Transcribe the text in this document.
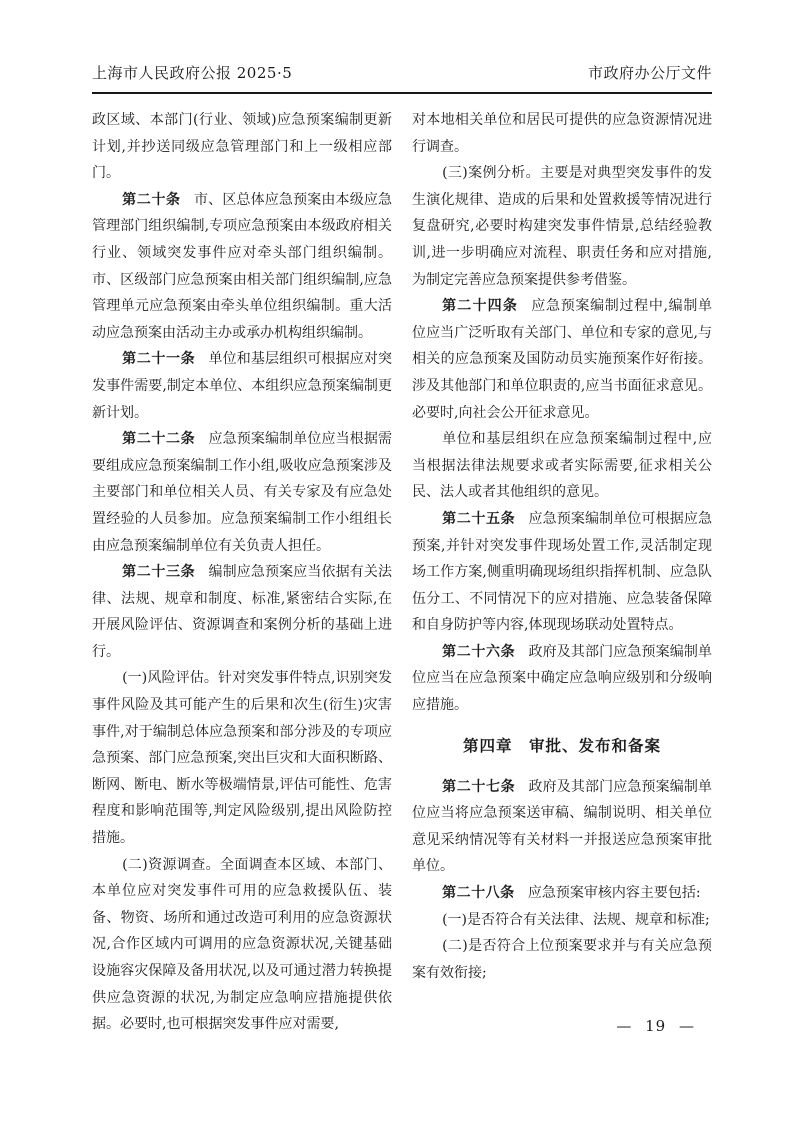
上海市人民政府公报 2025·5	市政府办公厅文件

政区域、本部门(行业、领域)应急预案编制更新计划,并抄送同级应急管理部门和上一级相应部门。

第二十条 市、区总体应急预案由本级应急管理部门组织编制,专项应急预案由本级政府相关行业、领域突发事件应对牵头部门组织编制。市、区级部门应急预案由相关部门组织编制,应急管理单元应急预案由牵头单位组织编制。重大活动应急预案由活动主办或承办机构组织编制。

第二十一条 单位和基层组织可根据应对突发事件需要,制定本单位、本组织应急预案编制更新计划。

第二十二条 应急预案编制单位应当根据需要组成应急预案编制工作小组,吸收应急预案涉及主要部门和单位相关人员、有关专家及有应急处置经验的人员参加。应急预案编制工作小组组长由应急预案编制单位有关负责人担任。

第二十三条 编制应急预案应当依据有关法律、法规、规章和制度、标准,紧密结合实际,在开展风险评估、资源调查和案例分析的基础上进行。

(一)风险评估。针对突发事件特点,识别突发事件风险及其可能产生的后果和次生(衍生)灾害事件,对于编制总体应急预案和部分涉及的专项应急预案、部门应急预案,突出巨灾和大面积断路、断网、断电、断水等极端情景,评估可能性、危害程度和影响范围等,判定风险级别,提出风险防控措施。

(二)资源调查。全面调查本区域、本部门、本单位应对突发事件可用的应急救援队伍、装备、物资、场所和通过改造可利用的应急资源状况,合作区域内可调用的应急资源状况,关键基础设施容灾保障及备用状况,以及可通过潜力转换提供应急资源的状况,为制定应急响应措施提供依据。必要时,也可根据突发事件应对需要,

对本地相关单位和居民可提供的应急资源情况进行调查。

(三)案例分析。主要是对典型突发事件的发生演化规律、造成的后果和处置救援等情况进行复盘研究,必要时构建突发事件情景,总结经验教训,进一步明确应对流程、职责任务和应对措施,为制定完善应急预案提供参考借鉴。

第二十四条 应急预案编制过程中,编制单位应当广泛听取有关部门、单位和专家的意见,与相关的应急预案及国防动员实施预案作好衔接。涉及其他部门和单位职责的,应当书面征求意见。必要时,向社会公开征求意见。

单位和基层组织在应急预案编制过程中,应当根据法律法规要求或者实际需要,征求相关公民、法人或者其他组织的意见。

第二十五条 应急预案编制单位可根据应急预案,并针对突发事件现场处置工作,灵活制定现场工作方案,侧重明确现场组织指挥机制、应急队伍分工、不同情况下的应对措施、应急装备保障和自身防护等内容,体现现场联动处置特点。

第二十六条 政府及其部门应急预案编制单位应当在应急预案中确定应急响应级别和分级响应措施。

第四章　审批、发布和备案

第二十七条 政府及其部门应急预案编制单位应当将应急预案送审稿、编制说明、相关单位意见采纳情况等有关材料一并报送应急预案审批单位。

第二十八条 应急预案审核内容主要包括:

(一)是否符合有关法律、法规、规章和标准;

(二)是否符合上位预案要求并与有关应急预案有效衔接;

— 19 —
